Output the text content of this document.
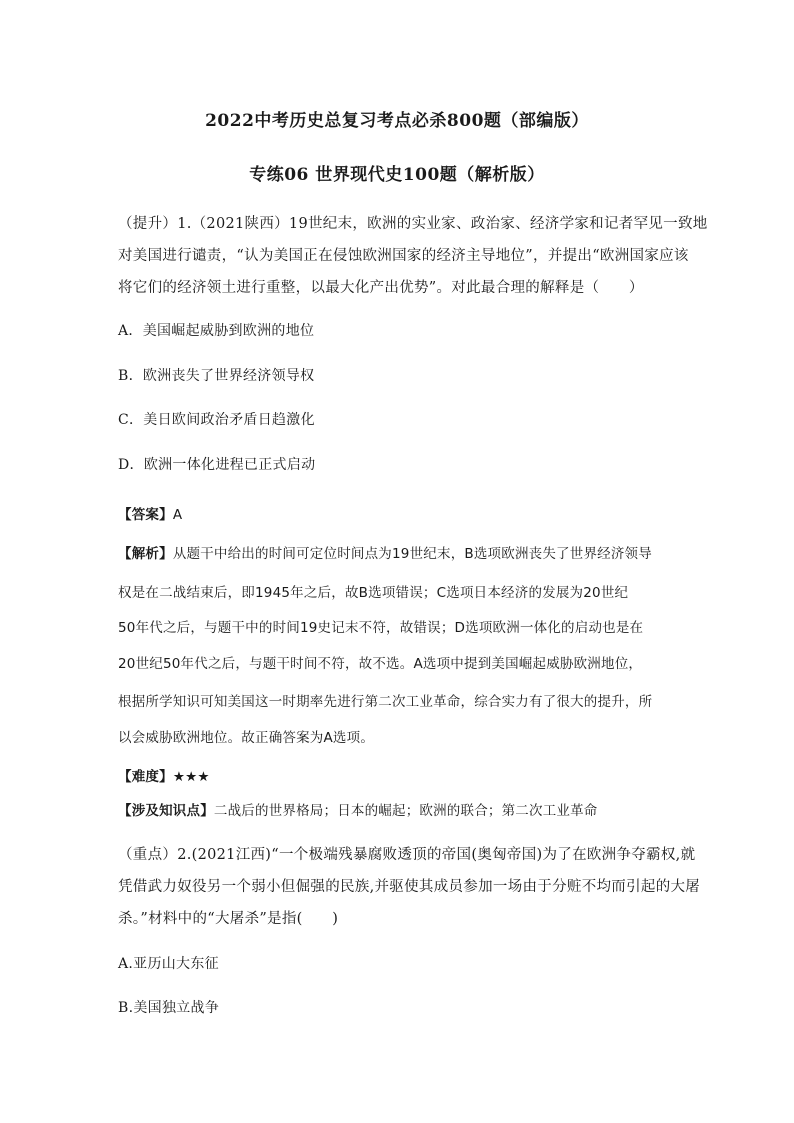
2022中考历史总复习考点必杀800题（部编版）
专练06 世界现代史100题（解析版）
（提升）1.（2021陕西）19世纪末，欧洲的实业家、政治家、经济学家和记者罕见一致地
对美国进行谴责，“认为美国正在侵蚀欧洲国家的经济主导地位”，并提出“欧洲国家应该
将它们的经济领土进行重整，以最大化产出优势”。对此最合理的解释是（　　）
A．美国崛起威胁到欧洲的地位
B．欧洲丧失了世界经济领导权
C．美日欧间政治矛盾日趋激化
D．欧洲一体化进程已正式启动
【答案】A
【解析】从题干中给出的时间可定位时间点为19世纪末，B选项欧洲丧失了世界经济领导
权是在二战结束后，即1945年之后，故B选项错误；C选项日本经济的发展为20世纪
50年代之后，与题干中的时间19史记末不符，故错误；D选项欧洲一体化的启动也是在
20世纪50年代之后，与题干时间不符，故不选。A选项中提到美国崛起威胁欧洲地位，
根据所学知识可知美国这一时期率先进行第二次工业革命，综合实力有了很大的提升，所
以会威胁欧洲地位。故正确答案为A选项。
【难度】★★★
【涉及知识点】二战后的世界格局；日本的崛起；欧洲的联合；第二次工业革命
（重点）2.(2021江西)“一个极端残暴腐败透顶的帝国(奥匈帝国)为了在欧洲争夺霸权,就
凭借武力奴役另一个弱小但倔强的民族,并驱使其成员参加一场由于分赃不均而引起的大屠
杀。”材料中的“大屠杀”是指(　　)
A.亚历山大东征
B.美国独立战争
